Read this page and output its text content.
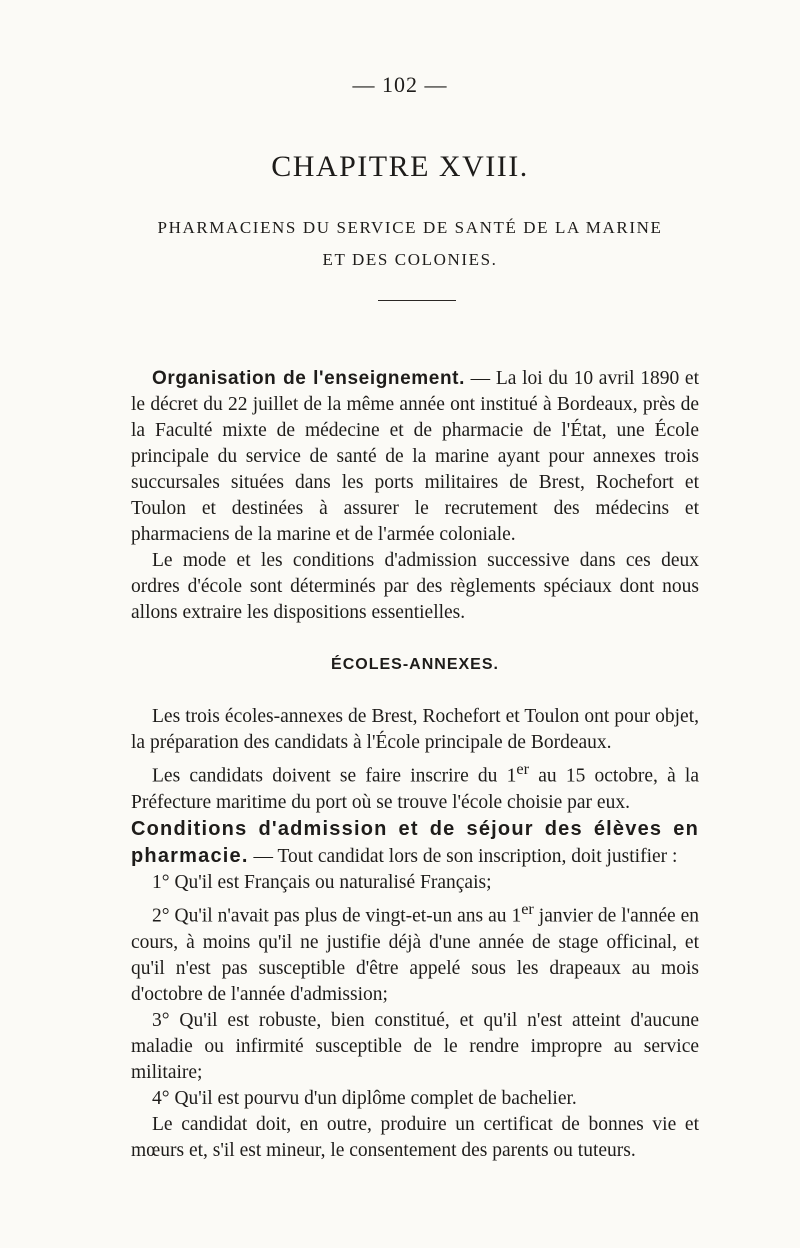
— 102 —
CHAPITRE XVIII.
PHARMACIENS DU SERVICE DE SANTÉ DE LA MARINE
ET DES COLONIES.

Organisation de l'enseignement. — La loi du 10 avril 1890 et le décret du 22 juillet de la même année ont institué à Bordeaux, près de la Faculté mixte de médecine et de pharmacie de l'État, une École principale du service de santé de la marine ayant pour annexes trois succursales situées dans les ports militaires de Brest, Rochefort et Toulon et destinées à assurer le recrutement des médecins et pharmaciens de la marine et de l'armée coloniale.

Le mode et les conditions d'admission successive dans ces deux ordres d'école sont déterminés par des règlements spéciaux dont nous allons extraire les dispositions essentielles.

ÉCOLES-ANNEXES.

Les trois écoles-annexes de Brest, Rochefort et Toulon ont pour objet, la préparation des candidats à l'École principale de Bordeaux.

Les candidats doivent se faire inscrire du 1er au 15 octobre, à la Préfecture maritime du port où se trouve l'école choisie par eux.

Conditions d'admission et de séjour des élèves en pharmacie. — Tout candidat lors de son inscription, doit justifier :

1° Qu'il est Français ou naturalisé Français;

2° Qu'il n'avait pas plus de vingt-et-un ans au 1er janvier de l'année en cours, à moins qu'il ne justifie déjà d'une année de stage officinal, et qu'il n'est pas susceptible d'être appelé sous les drapeaux au mois d'octobre de l'année d'admission;

3° Qu'il est robuste, bien constitué, et qu'il n'est atteint d'aucune maladie ou infirmité susceptible de le rendre impropre au service militaire;

4° Qu'il est pourvu d'un diplôme complet de bachelier.

Le candidat doit, en outre, produire un certificat de bonnes vie et mœurs et, s'il est mineur, le consentement des parents ou tuteurs.
